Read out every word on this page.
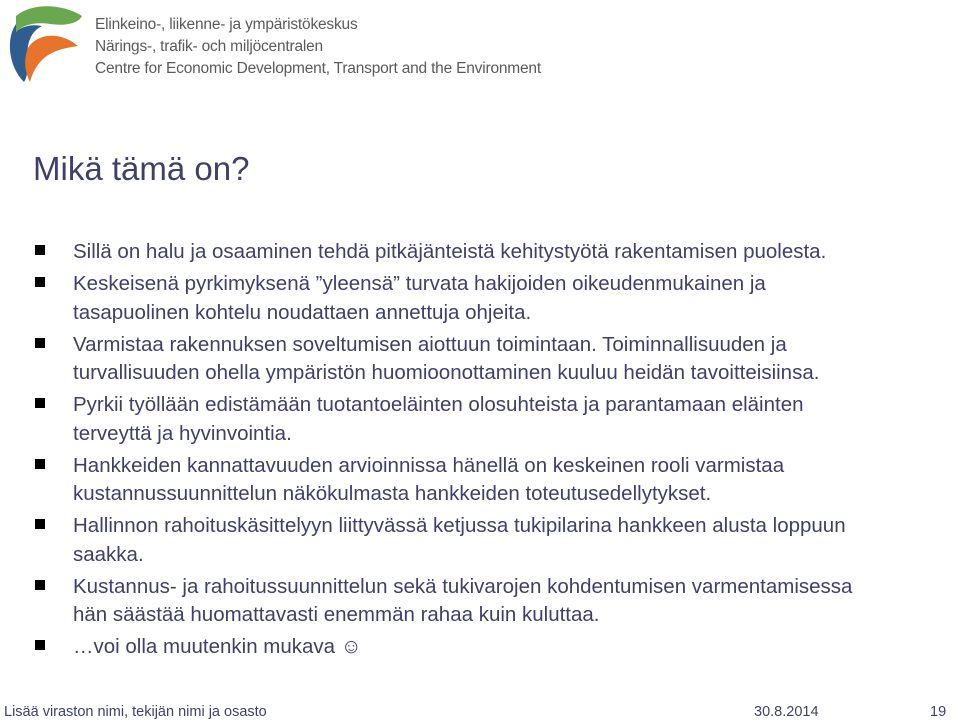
Elinkeino-, liikenne- ja ympäristökeskus
Närings-, trafik- och miljöcentralen
Centre for Economic Development, Transport and the Environment
Mikä tämä on?
Sillä on halu ja osaaminen tehdä pitkäjänteistä kehitystyötä rakentamisen puolesta.
Keskeisenä pyrkimyksenä ”yleensä” turvata hakijoiden oikeudenmukainen ja
tasapuolinen kohtelu noudattaen annettuja ohjeita.
Varmistaa rakennuksen soveltumisen aiottuun toimintaan. Toiminnallisuuden ja
turvallisuuden ohella ympäristön huomioonottaminen kuuluu heidän tavoitteisiinsa.
Pyrkii työllään edistämään tuotantoeläinten olosuhteista ja parantamaan eläinten
terveyttä ja hyvinvointia.
Hankkeiden kannattavuuden arvioinnissa hänellä on keskeinen rooli varmistaa
kustannussuunnittelun näkökulmasta hankkeiden toteutusedellytykset.
Hallinnon rahoituskäsittelyyn liittyvässä ketjussa tukipilarina hankkeen alusta loppuun
saakka.
Kustannus- ja rahoitussuunnittelun sekä tukivarojen kohdentumisen varmentamisessa
hän säästää huomattavasti enemmän rahaa kuin kuluttaa.
…voi olla muutenkin mukava ☺
Lisää viraston nimi, tekijän nimi ja osasto	30.8.2014	19
